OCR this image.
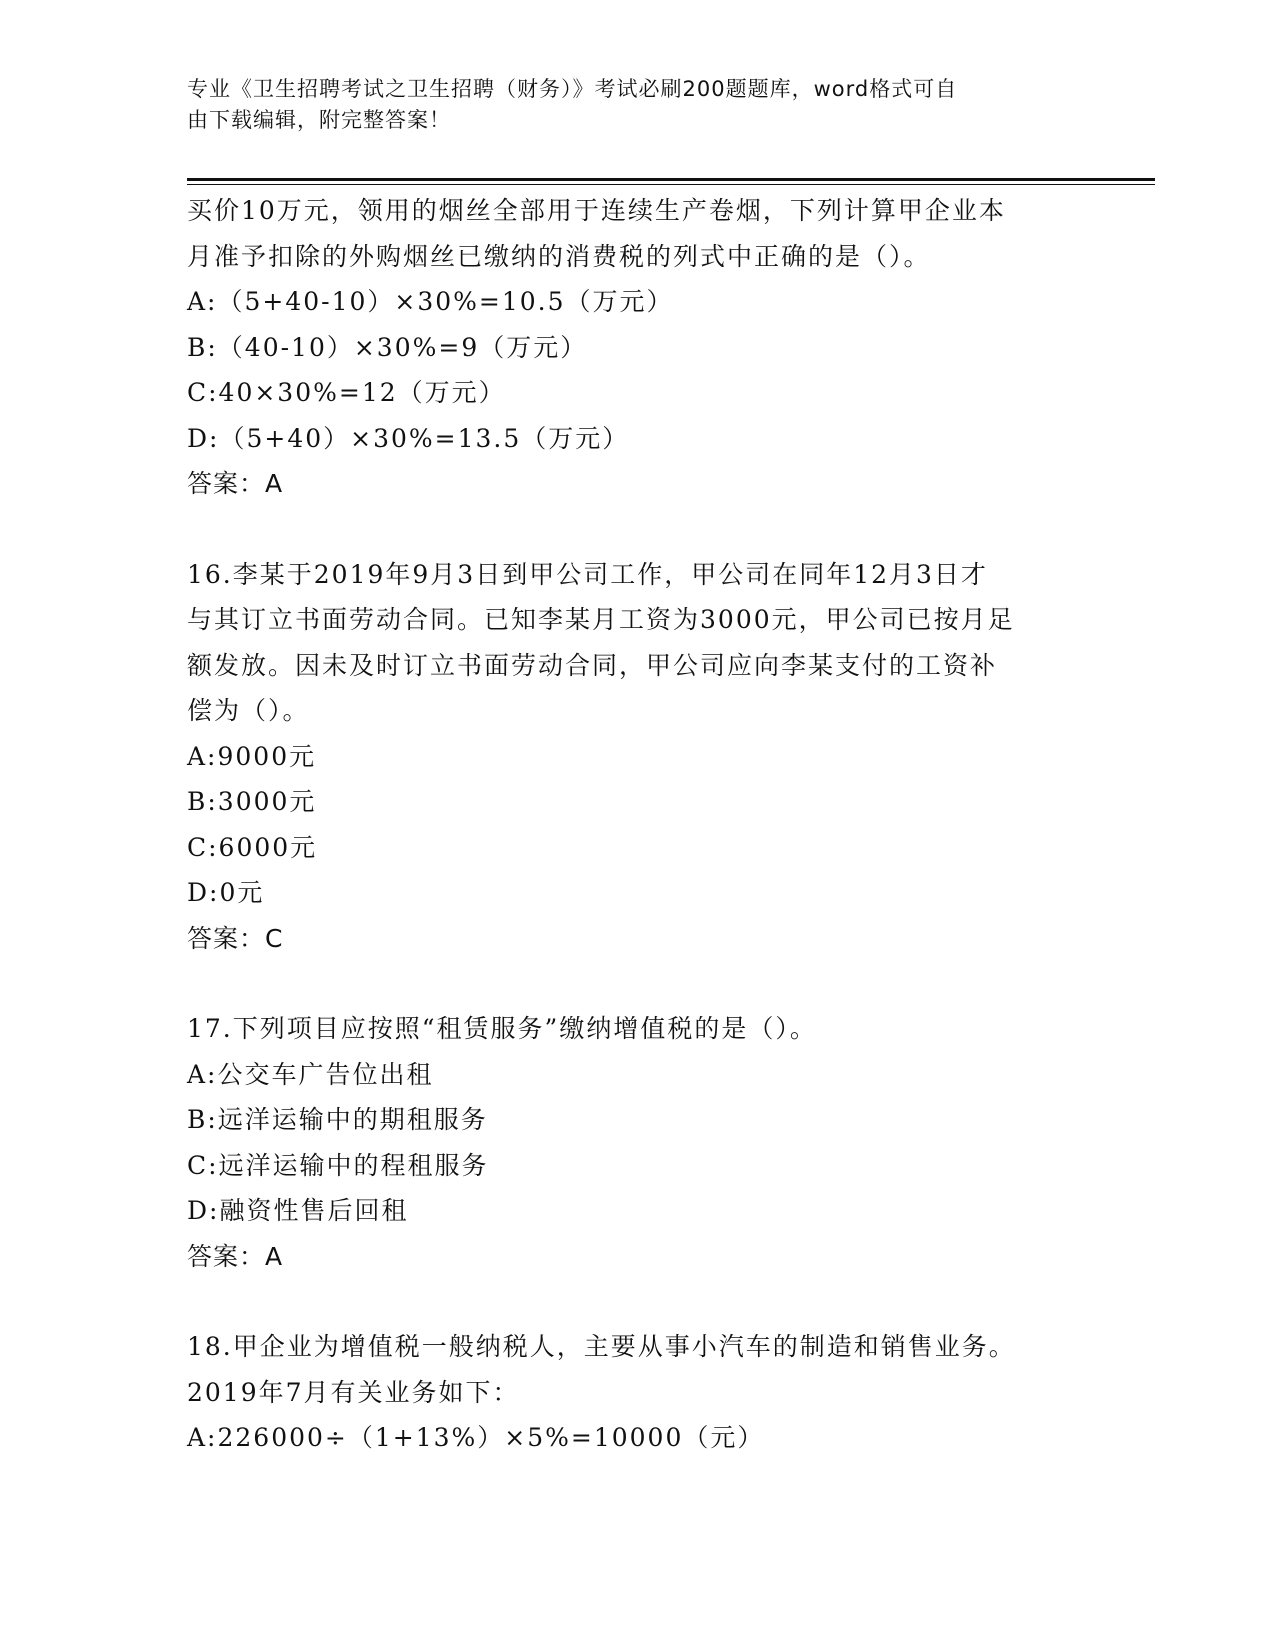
专业《卫生招聘考试之卫生招聘（财务）》考试必刷200题题库，word格式可自
由下载编辑，附完整答案！
买价10万元，领用的烟丝全部用于连续生产卷烟，下列计算甲企业本
月准予扣除的外购烟丝已缴纳的消费税的列式中正确的是（）。
A:（5+40-10）×30%=10.5（万元）
B:（40-10）×30%=9（万元）
C:40×30%=12（万元）
D:（5+40）×30%=13.5（万元）
答案：A
16.李某于2019年9月3日到甲公司工作，甲公司在同年12月3日才
与其订立书面劳动合同。已知李某月工资为3000元，甲公司已按月足
额发放。因未及时订立书面劳动合同，甲公司应向李某支付的工资补
偿为（）。
A:9000元
B:3000元
C:6000元
D:0元
答案：C
17.下列项目应按照“租赁服务”缴纳增值税的是（）。
A:公交车广告位出租
B:远洋运输中的期租服务
C:远洋运输中的程租服务
D:融资性售后回租
答案：A
18.甲企业为增值税一般纳税人，主要从事小汽车的制造和销售业务。
2019年7月有关业务如下：
A:226000÷（1+13%）×5%=10000（元）
